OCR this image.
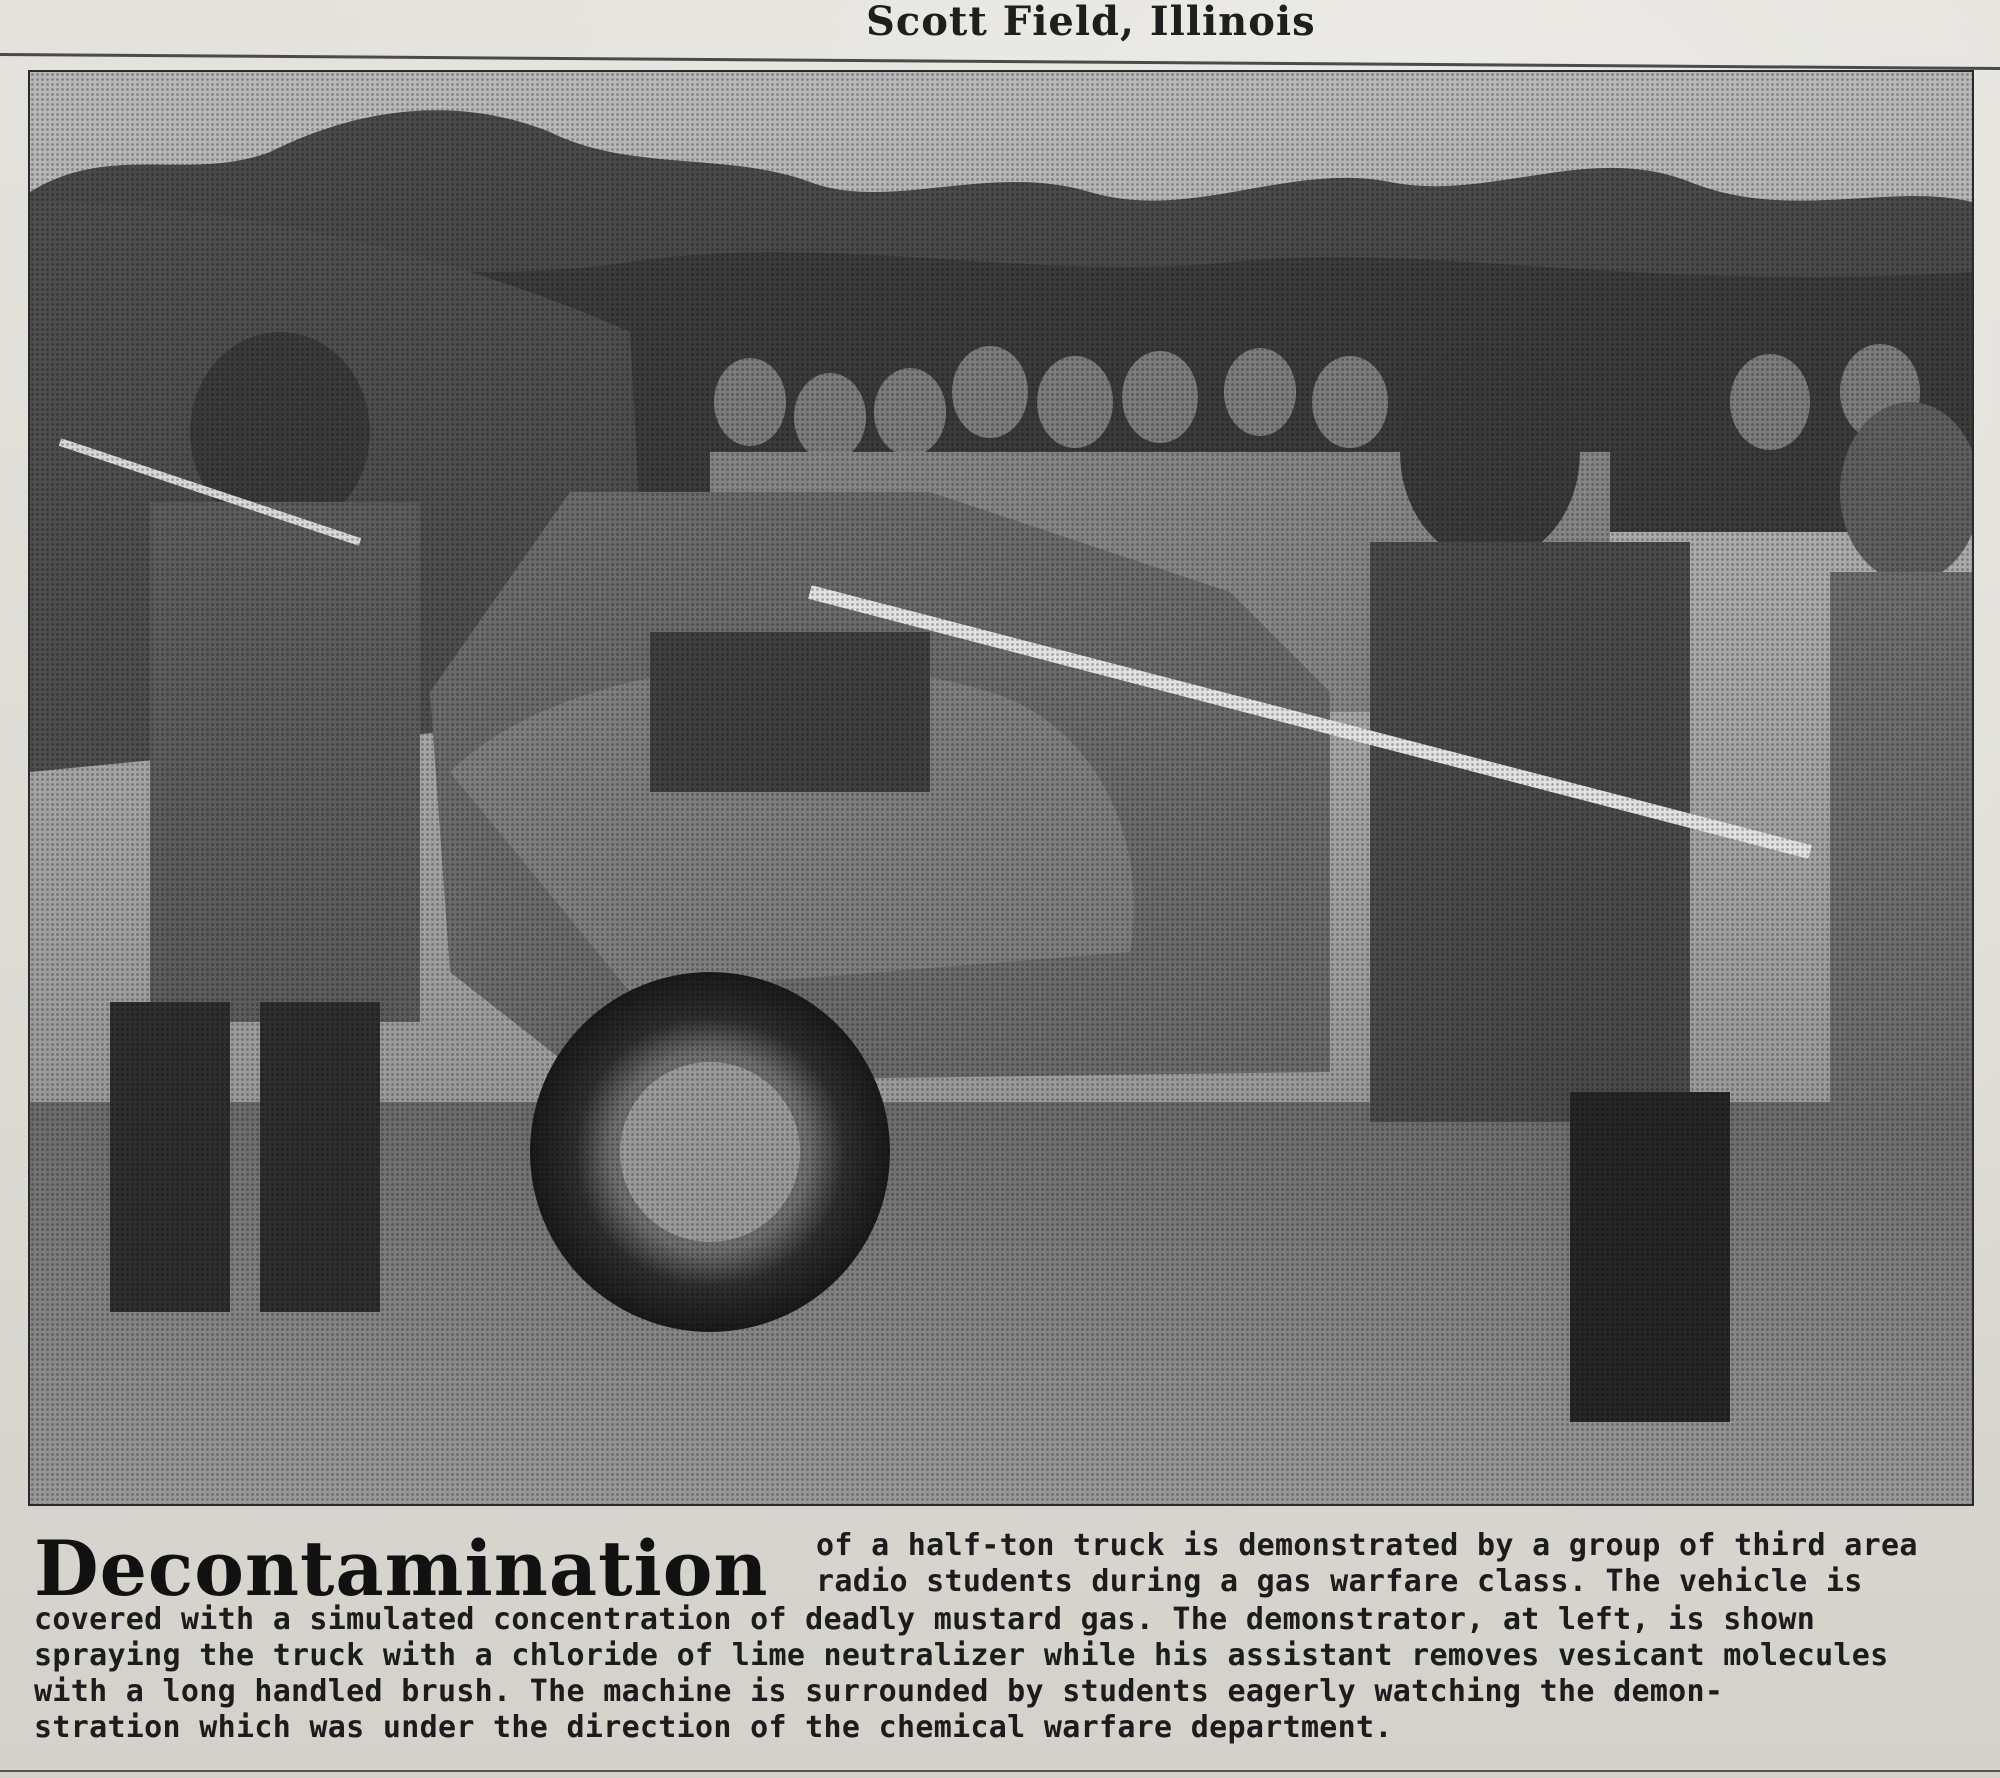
Scott Field, Illinois
Decontamination of a half-ton truck is demonstrated by a group of third area
radio students during a gas warfare class. The vehicle is
covered with a simulated concentration of deadly mustard gas. The demonstrator, at left, is shown
spraying the truck with a chloride of lime neutralizer while his assistant removes vesicant molecules
with a long handled brush. The machine is surrounded by students eagerly watching the demon-
stration which was under the direction of the chemical warfare department.
